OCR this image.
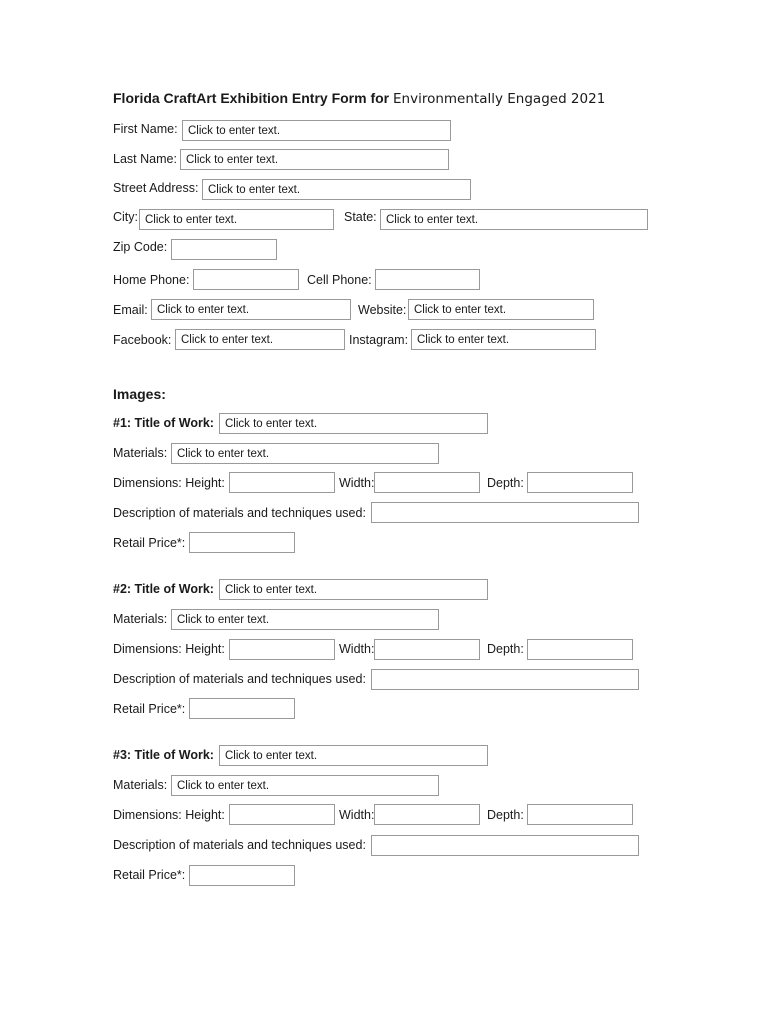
Florida CraftArt Exhibition Entry Form for Environmentally Engaged 2021
First Name:
Click to enter text.
Last Name:
Click to enter text.
Street Address:
Click to enter text.
City:
Click to enter text.	State:
Click to enter text.
Zip Code:
Home Phone:	Cell Phone:
Email:
Click to enter text.	Website:
Click to enter text.
Facebook:
Click to enter text.	Instagram:
Click to enter text.
Images:
#1: Title of Work:
Click to enter text.
Materials:
Click to enter text.
Dimensions: Height:	Width:	Depth:
Description of materials and techniques used:
Retail Price*:
#2: Title of Work:
Click to enter text.
Materials:
Click to enter text.
Dimensions: Height:	Width:	Depth:
Description of materials and techniques used:
Retail Price*:
#3: Title of Work:
Click to enter text.
Materials:
Click to enter text.
Dimensions: Height:	Width:	Depth:
Description of materials and techniques used:
Retail Price*:
